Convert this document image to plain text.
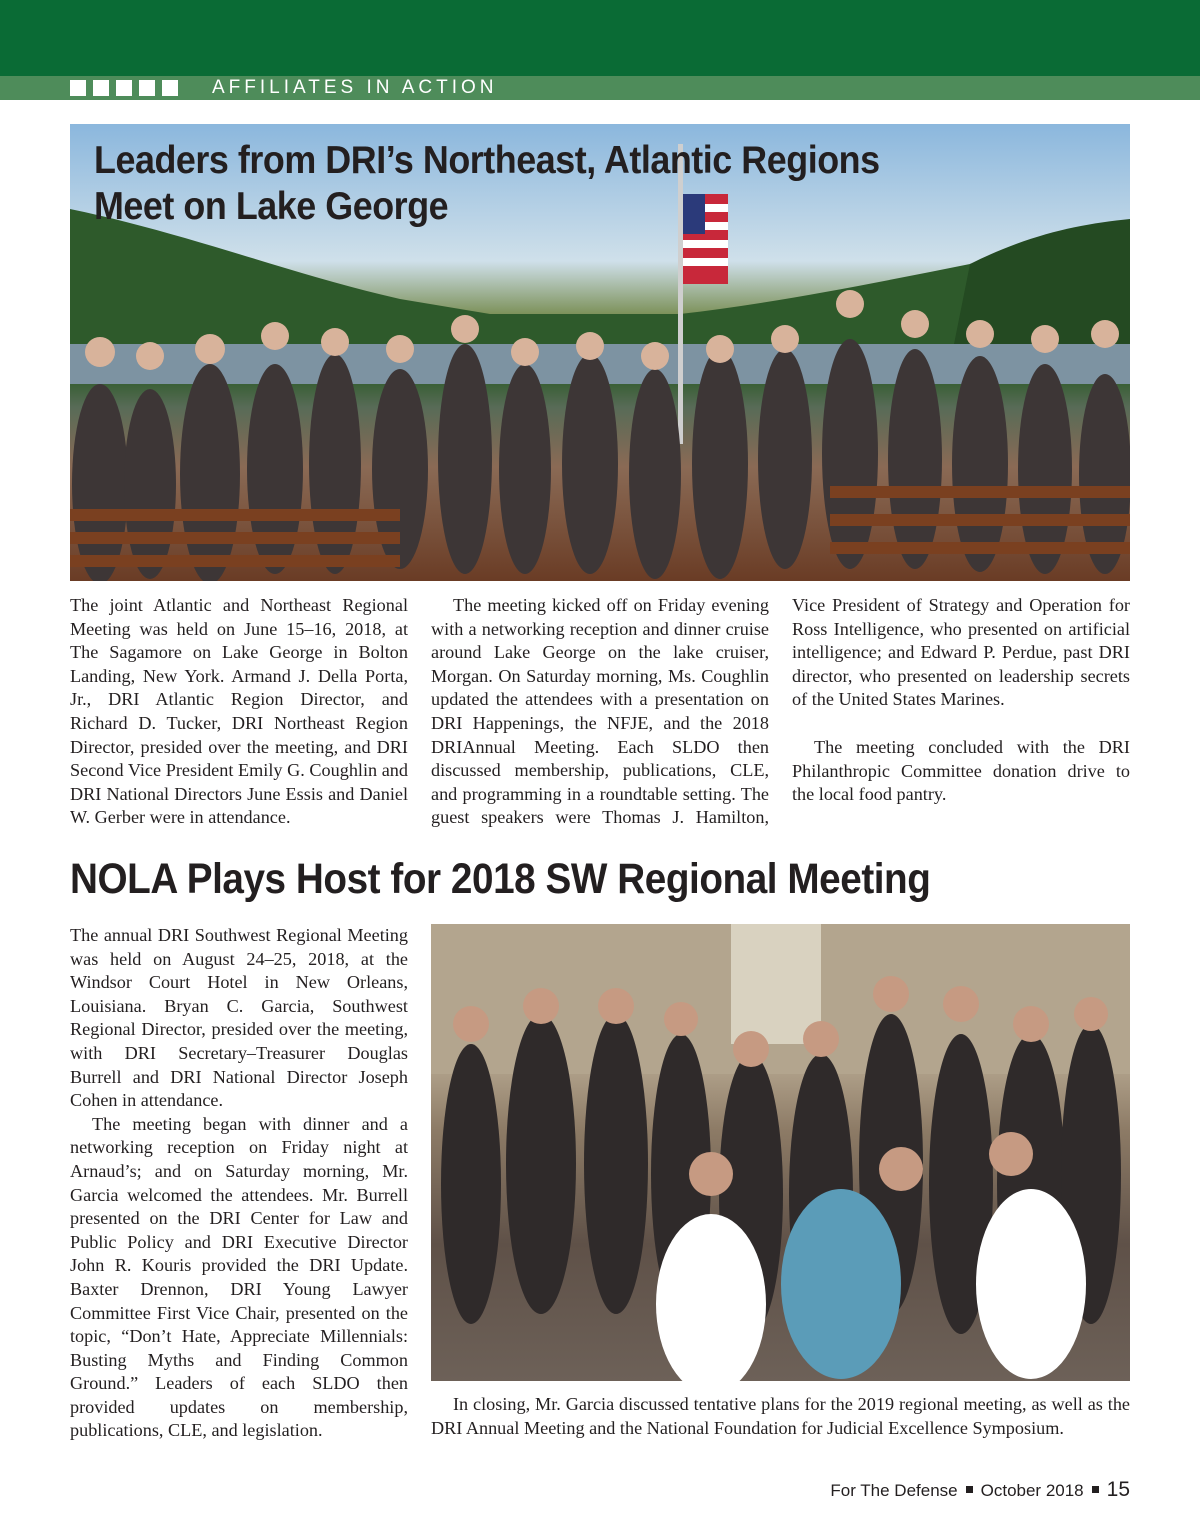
AFFILIATES IN ACTION
Leaders from DRI’s Northeast, Atlantic Regions
Meet on Lake George

The joint Atlantic and Northeast Regional Meeting was held on June 15–16, 2018, at The Sagamore on Lake George in Bolton Landing, New York. Armand J. Della Porta, Jr., DRI Atlantic Region Director, and Richard D. Tucker, DRI Northeast Region Director, presided over the meeting, and DRI Second Vice President Emily G. Coughlin and DRI National Directors June Essis and Daniel W. Gerber were in attendance.

The meeting kicked off on Friday evening with a networking reception and dinner cruise around Lake George on the lake cruiser, Morgan. On Saturday morning, Ms. Coughlin updated the attendees with a presentation on DRI Happenings, the NFJE, and the 2018 DRIAnnual Meeting. Each SLDO then discussed membership, publications, CLE, and programming in a roundtable setting. The guest speakers were Thomas J. Hamilton,

Vice President of Strategy and Operation for Ross Intelligence, who presented on artificial intelligence; and Edward P. Perdue, past DRI director, who presented on leadership secrets of the United States Marines.

The meeting concluded with the DRI Philanthropic Committee donation drive to the local food pantry.

NOLA Plays Host for 2018 SW Regional Meeting

The annual DRI Southwest Regional Meeting was held on August 24–25, 2018, at the Windsor Court Hotel in New Orleans, Louisiana. Bryan C. Garcia, Southwest Regional Director, presided over the meeting, with DRI Secretary–Treasurer Douglas Burrell and DRI National Director Joseph Cohen in attendance.

The meeting began with dinner and a networking reception on Friday night at Arnaud’s; and on Saturday morning, Mr. Garcia welcomed the attendees. Mr. Burrell presented on the DRI Center for Law and Public Policy and DRI Executive Director John R. Kouris provided the DRI Update. Baxter Drennon, DRI Young Lawyer Committee First Vice Chair, presented on the topic, “Don’t Hate, Appreciate Millennials: Busting Myths and Finding Common Ground.” Leaders of each SLDO then provided updates on membership, publications, CLE, and legislation.

In closing, Mr. Garcia discussed tentative plans for the 2019 regional meeting, as well as the DRI Annual Meeting and the National Foundation for Judicial Excellence Symposium.

For The Defense October 2018 15
